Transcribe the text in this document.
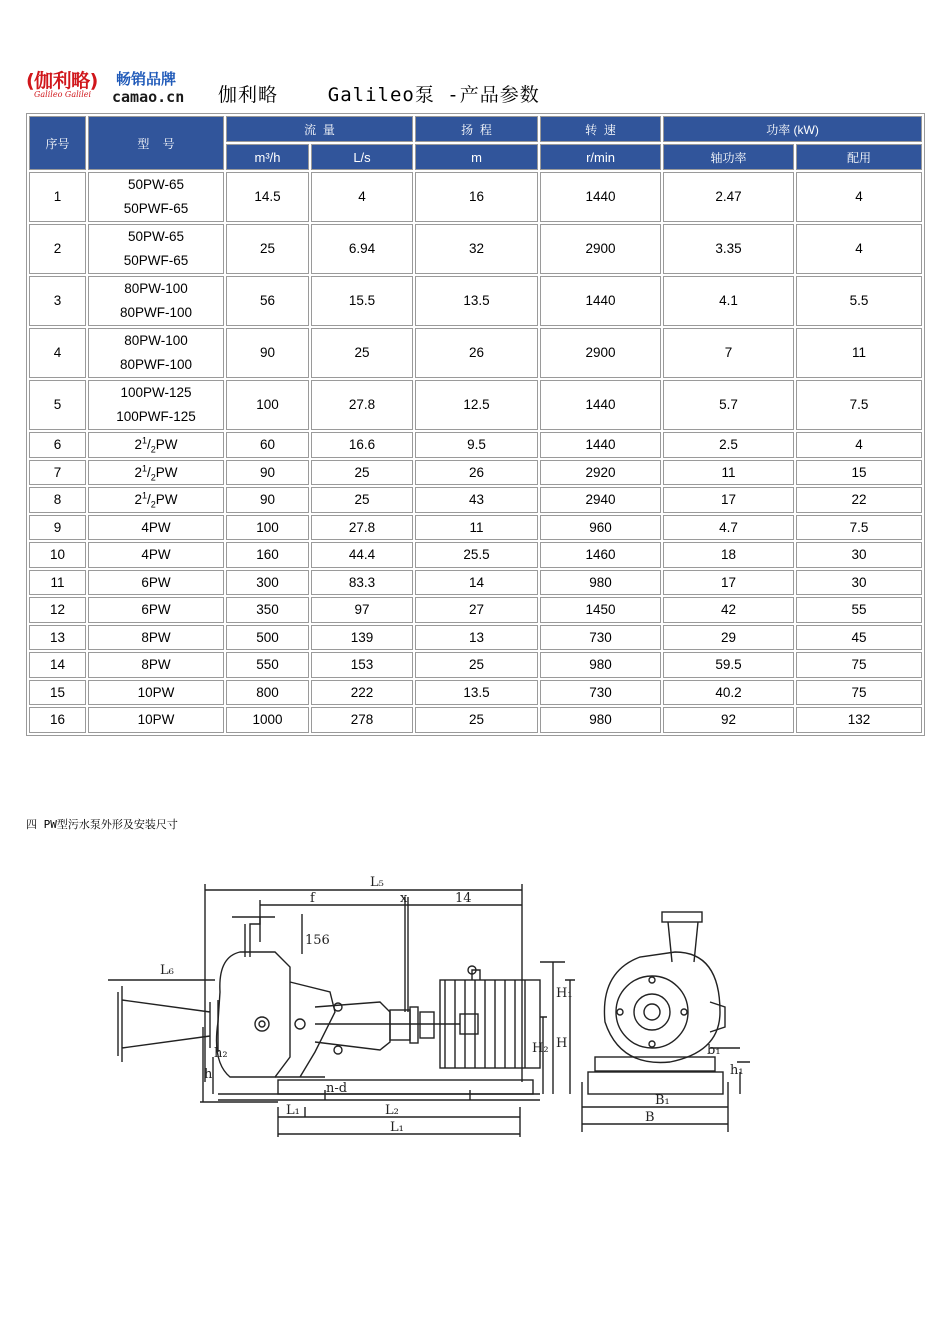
(伽利略)
Galileo Galilei
畅销品牌
camao.cn 伽利略    Galileo泵 -产品参数
序号	型    号	流  量		扬  程	转  速	功率 (kW)	
		m³/h	L/s	m	r/min	轴功率	配用
1	50PW-65
50PWF-65	14.5	4	16	1440	2.47	4
2	50PW-65
50PWF-65	25	6.94	32	2900	3.35	4
3	80PW-100
80PWF-100	56	15.5	13.5	1440	4.1	5.5
4	80PW-100
80PWF-100	90	25	26	2900	7	11
5	100PW-125
100PWF-125	100	27.8	12.5	1440	5.7	7.5
6	$2^1/_2PW$	60	16.6	9.5	1440	2.5	4
7	$2^1/_2PW$	90	25	26	2920	11	15
8	$2^1/_2PW$	90	25	43	2940	17	22
9	4PW	100	27.8	11	960	4.7	7.5
10	4PW	160	44.4	25.5	1460	18	30
11	6PW	300	83.3	14	980	17	30
12	6PW	350	97	27	1450	42	55
13	8PW	500	139	13	730	29	45
14	8PW	550	153	25	980	59.5	75
15	10PW	800	222	13.5	730	40.2	75
16	10PW	1000	278	25	980	92	132
四 PW型污水泵外形及安装尺寸
L₅
f	x	14
156
L₆
H₁
H₂ H
h₂
h
n-d
L₁	L₂
L₁
b₁
h₁
B₁
B
